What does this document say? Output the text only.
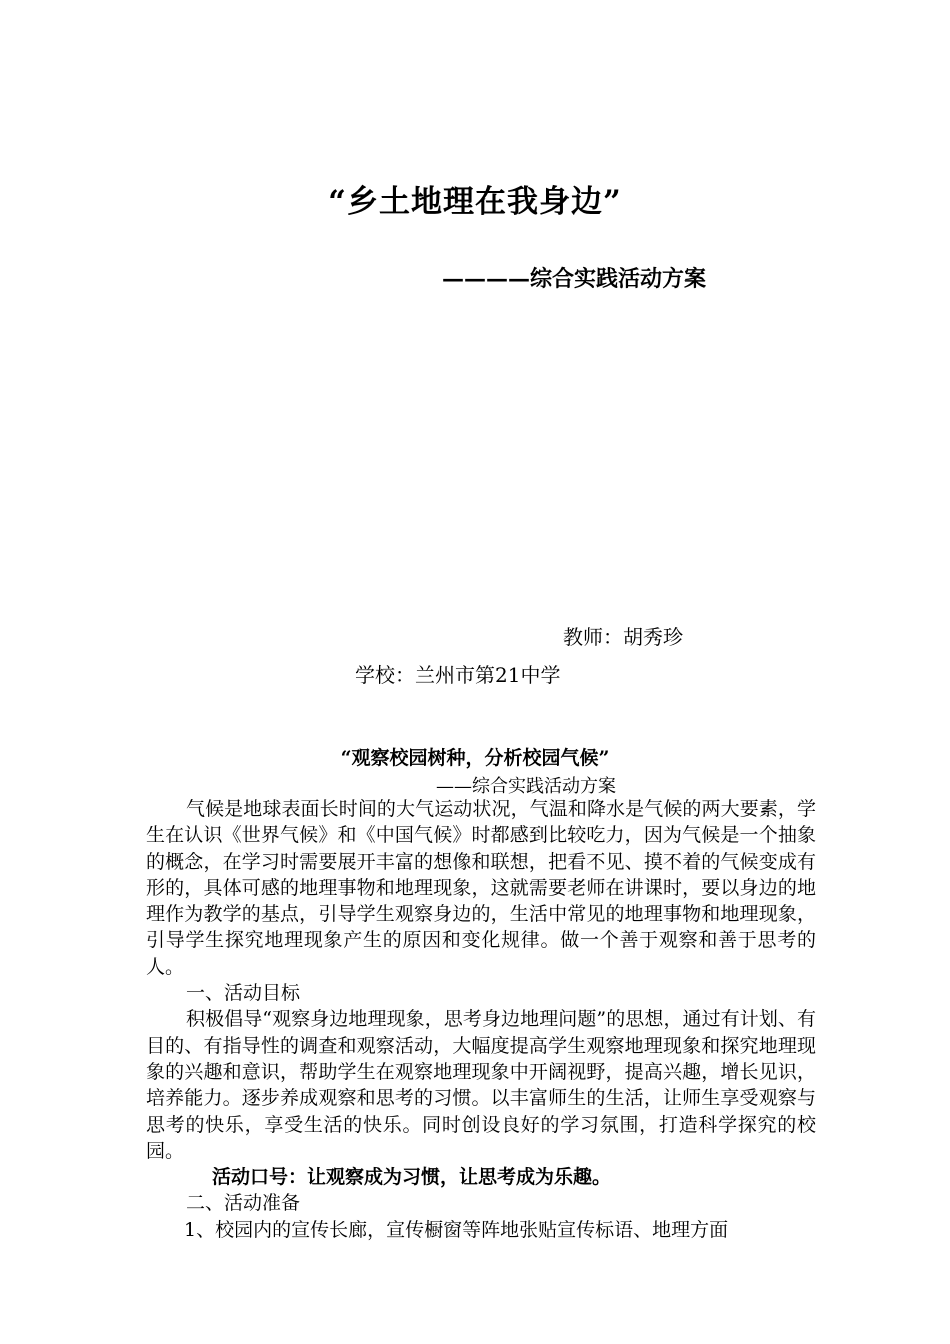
“乡土地理在我身边”
————综合实践活动方案
教师：胡秀珍
学校：兰州市第21中学
“观察校园树种，分析校园气候”
——综合实践活动方案

气候是地球表面长时间的大气运动状况，气温和降水是气候的两大要素，学生在认识《世界气候》和《中国气候》时都感到比较吃力，因为气候是一个抽象的概念，在学习时需要展开丰富的想像和联想，把看不见、摸不着的气候变成有形的，具体可感的地理事物和地理现象，这就需要老师在讲课时，要以身边的地理作为教学的基点，引导学生观察身边的，生活中常见的地理事物和地理现象，引导学生探究地理现象产生的原因和变化规律。做一个善于观察和善于思考的人。

一、活动目标

积极倡导“观察身边地理现象，思考身边地理问题”的思想，通过有计划、有目的、有指导性的调查和观察活动，大幅度提高学生观察地理现象和探究地理现象的兴趣和意识，帮助学生在观察地理现象中开阔视野，提高兴趣，增长见识，培养能力。逐步养成观察和思考的习惯。以丰富师生的生活，让师生享受观察与思考的快乐，享受生活的快乐。同时创设良好的学习氛围，打造科学探究的校园。

活动口号：让观察成为习惯，让思考成为乐趣。

二、活动准备

1、校园内的宣传长廊，宣传橱窗等阵地张贴宣传标语、地理方面
